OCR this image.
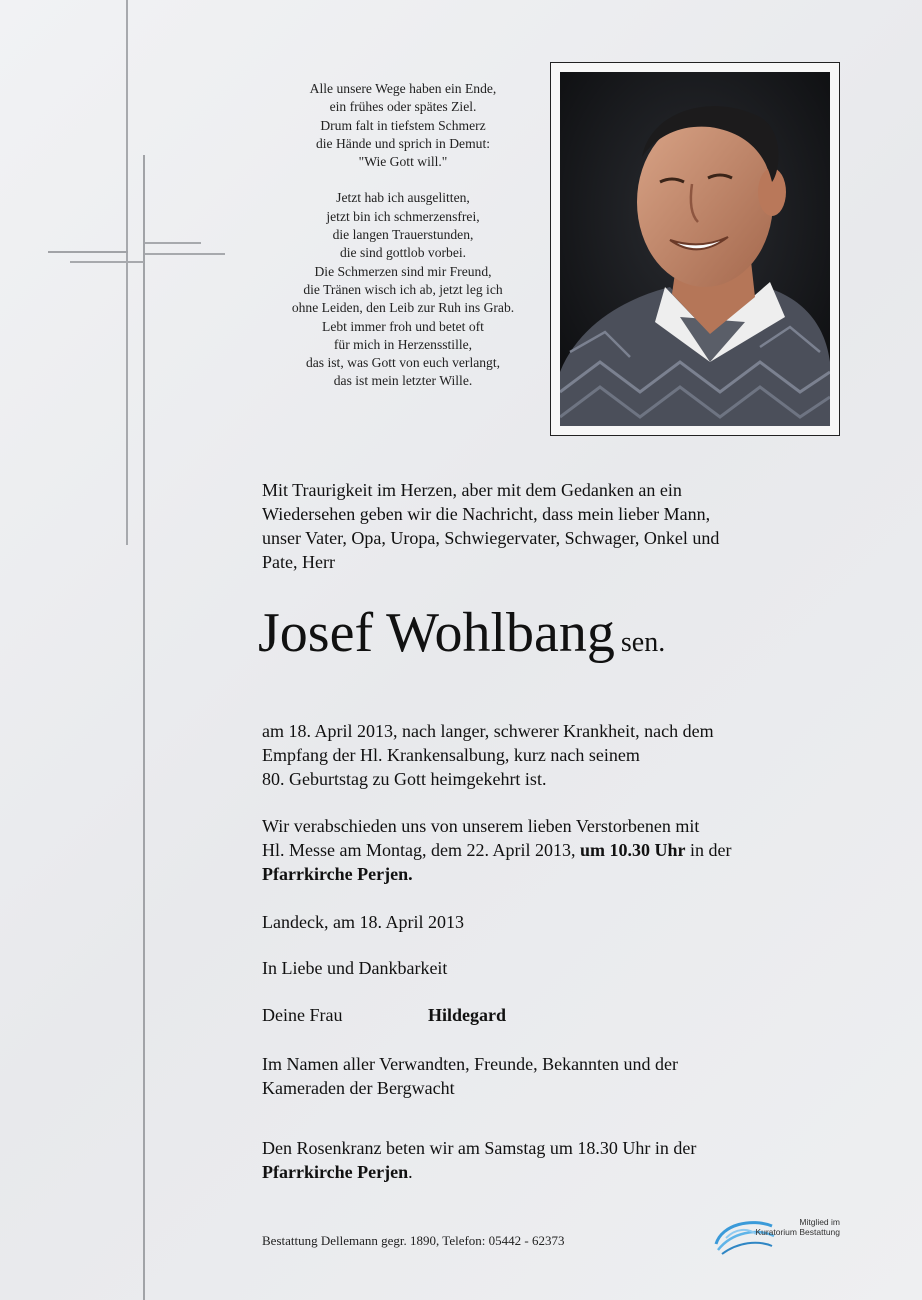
Alle unsere Wege haben ein Ende,

ein frühes oder spätes Ziel.

Drum falt in tiefstem Schmerz

die Hände und sprich in Demut:

"Wie Gott will."

Jetzt hab ich ausgelitten,

jetzt bin ich schmerzensfrei,

die langen Trauerstunden,

die sind gottlob vorbei.

Die Schmerzen sind mir Freund,

die Tränen wisch ich ab, jetzt leg ich

ohne Leiden, den Leib zur Ruh ins Grab.

Lebt immer froh und betet oft

für mich in Herzensstille,

das ist, was Gott von euch verlangt,

das ist mein letzter Wille.

Mit Traurigkeit im Herzen, aber mit dem Gedanken an ein

Wiedersehen geben wir die Nachricht, dass mein lieber Mann,

unser Vater, Opa, Uropa, Schwiegervater, Schwager, Onkel und

Pate, Herr

Josef Wohlbang sen.

am 18. April 2013, nach langer, schwerer Krankheit, nach dem

Empfang der Hl. Krankensalbung, kurz nach seinem

80. Geburtstag zu Gott heimgekehrt ist.

Wir verabschieden uns von unserem lieben Verstorbenen mit

Hl. Messe am Montag, dem 22. April 2013, um 10.30 Uhr in der

Pfarrkirche Perjen.

Landeck, am 18. April 2013

In Liebe und Dankbarkeit

Deine Frau	Hildegard

Im Namen aller Verwandten, Freunde, Bekannten und der

Kameraden der Bergwacht

Den Rosenkranz beten wir am Samstag um 18.30 Uhr in der

Pfarrkirche Perjen.

Bestattung Dellemann gegr. 1890, Telefon: 05442 - 62373
Mitglied im
Kuratorium Bestattung
